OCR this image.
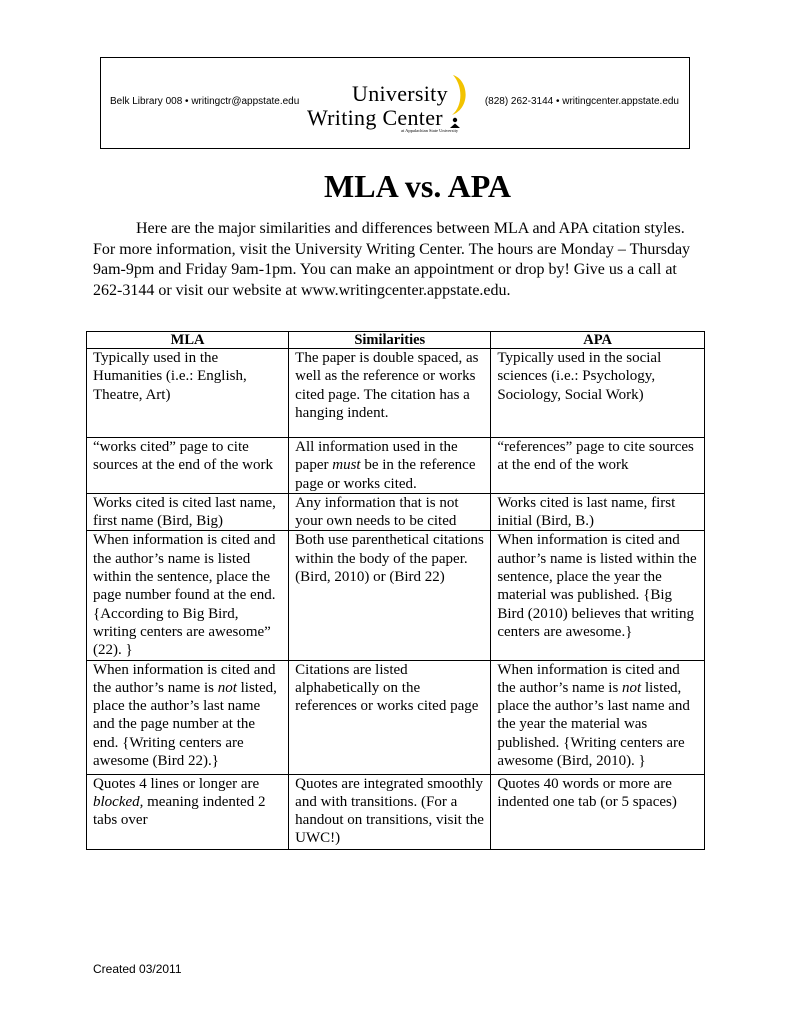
Belk Library 008 • writingctr@appstate.edu University
Writing Center
at Appalachian State University
(828) 262-3144 • writingcenter.appstate.edu
MLA vs. APA

Here are the major similarities and differences between MLA and APA citation styles. For more information, visit the University Writing Center. The hours are Monday – Thursday 9am-9pm and Friday 9am-1pm. You can make an appointment or drop by! Give us a call at 262-3144 or visit our website at www.writingcenter.appstate.edu.

MLA	Similarities	APA
Typically used in the Humanities (i.e.: English, Theatre, Art)	The paper is double spaced, as well as the reference or works cited page. The citation has a hanging indent.	Typically used in the social sciences (i.e.: Psychology, Sociology, Social Work)
“works cited” page to cite sources at the end of the work	All information used in the paper must be in the reference page or works cited.	“references” page to cite sources at the end of the work
Works cited is cited last name, first name (Bird, Big)	Any information that is not your own needs to be cited	Works cited is last name, first initial (Bird, B.)
When information is cited and the author’s name is listed within the sentence, place the page number found at the end. {According to Big Bird, writing centers are awesome” (22). }	Both use parenthetical citations within the body of the paper. (Bird, 2010) or (Bird 22)	When information is cited and author’s name is listed within the sentence, place the year the material was published. {Big Bird (2010) believes that writing centers are awesome.}
When information is cited and the author’s name is not listed, place the author’s last name and the page number at the end. {Writing centers are awesome (Bird 22).}	Citations are listed alphabetically on the references or works cited page	When information is cited and the author’s name is not listed, place the author’s last name and the year the material was published. {Writing centers are awesome (Bird, 2010). }
Quotes 4 lines or longer are blocked, meaning indented 2 tabs over	Quotes are integrated smoothly and with transitions. (For a handout on transitions, visit the UWC!)	Quotes 40 words or more are indented one tab (or 5 spaces)
Created 03/2011
